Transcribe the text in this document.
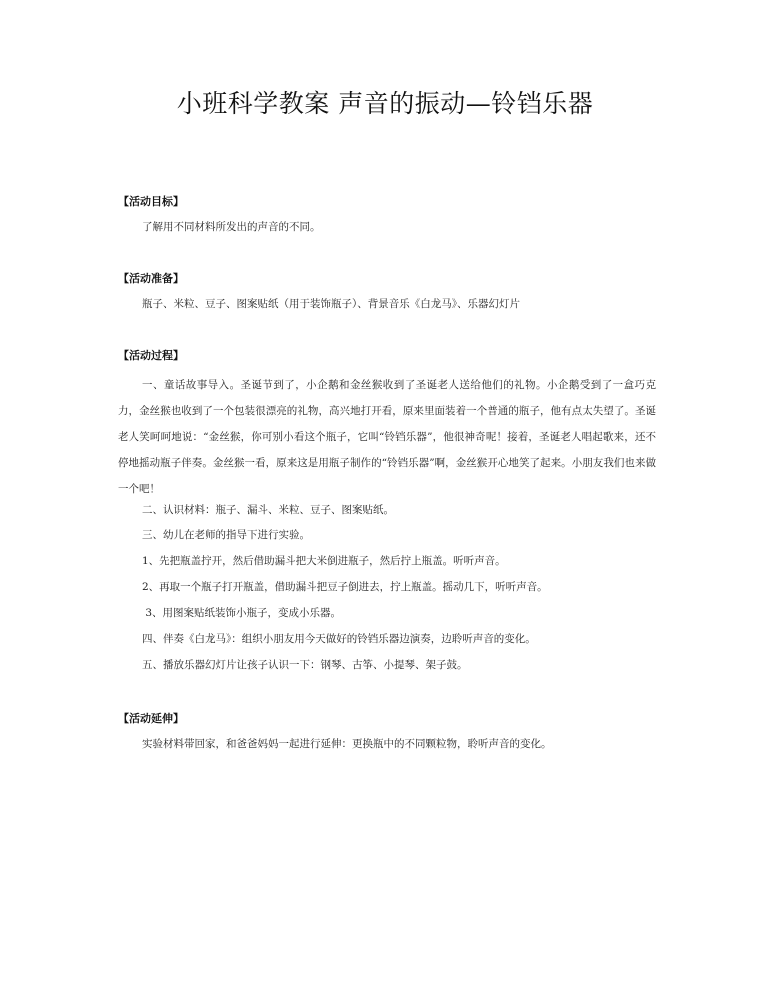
小班科学教案 声音的振动—铃铛乐器
【活动目标】
了解用不同材料所发出的声音的不同。
【活动准备】
瓶子、米粒、豆子、图案贴纸（用于装饰瓶子）、背景音乐《白龙马》、乐器幻灯片
【活动过程】
一、童话故事导入。圣诞节到了，小企鹅和金丝猴收到了圣诞老人送给他们的礼物。小企鹅受到了一盒巧克力，金丝猴也收到了一个包装很漂亮的礼物，高兴地打开看，原来里面装着一个普通的瓶子，他有点太失望了。圣诞老人笑呵呵地说：“金丝猴，你可别小看这个瓶子，它叫“铃铛乐器”，他很神奇呢！接着，圣诞老人唱起歌来，还不停地摇动瓶子伴奏。金丝猴一看，原来这是用瓶子制作的“铃铛乐器”啊，金丝猴开心地笑了起来。小朋友我们也来做一个吧！
二、认识材料：瓶子、漏斗、米粒、豆子、图案贴纸。
三、幼儿在老师的指导下进行实验。
1、先把瓶盖拧开，然后借助漏斗把大米倒进瓶子，然后拧上瓶盖。听听声音。
2、再取一个瓶子打开瓶盖，借助漏斗把豆子倒进去，拧上瓶盖。摇动几下，听听声音。
3、用图案贴纸装饰小瓶子，变成小乐器。
四、伴奏《白龙马》：组织小朋友用今天做好的铃铛乐器边演奏，边聆听声音的变化。
五、播放乐器幻灯片让孩子认识一下：钢琴、古筝、小提琴、架子鼓。
【活动延伸】
实验材料带回家，和爸爸妈妈一起进行延伸：更换瓶中的不同颗粒物，聆听声音的变化。
